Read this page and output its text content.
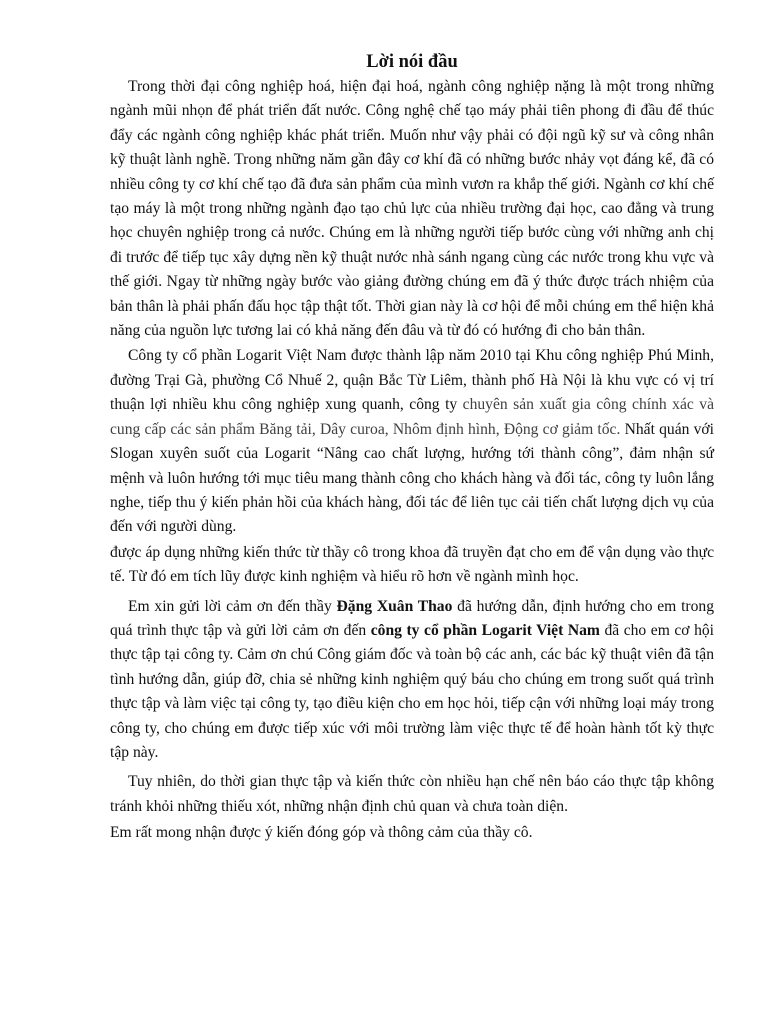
Lời nói đầu

Trong thời đại công nghiệp hoá, hiện đại hoá, ngành công nghiệp nặng là một trong những ngành mũi nhọn để phát triển đất nước. Công nghệ chế tạo máy phải tiên phong đi đầu để thúc đẩy các ngành công nghiệp khác phát triển. Muốn như vậy phải có đội ngũ kỹ sư và công nhân kỹ thuật lành nghề. Trong những năm gần đây cơ khí đã có những bước nhảy vọt đáng kể, đã có nhiều công ty cơ khí chế tạo đã đưa sản phẩm của mình vươn ra khắp thế giới. Ngành cơ khí chế tạo máy là một trong những ngành đạo tạo chủ lực của nhiều trường đại học, cao đẳng và trung học chuyên nghiệp trong cả nước. Chúng em là những người tiếp bước cùng với những anh chị đi trước để tiếp tục xây dựng nền kỹ thuật nước nhà sánh ngang cùng các nước trong khu vực và thế giới. Ngay từ những ngày bước vào giảng đường chúng em đã ý thức được trách nhiệm của bản thân là phải phấn đấu học tập thật tốt. Thời gian này là cơ hội để mỗi chúng em thể hiện khả năng của nguồn lực tương lai có khả năng đến đâu và từ đó có hướng đi cho bản thân.

Công ty cổ phần Logarit Việt Nam được thành lập năm 2010 tại Khu công nghiệp Phú Minh, đường Trại Gà, phường Cổ Nhuế 2, quận Bắc Từ Liêm, thành phố Hà Nội là khu vực có vị trí thuận lợi nhiều khu công nghiệp xung quanh, công ty chuyên sản xuất gia công chính xác và cung cấp các sản phẩm Băng tải, Dây curoa, Nhôm định hình, Động cơ giảm tốc. Nhất quán với Slogan xuyên suốt của Logarit “Nâng cao chất lượng, hướng tới thành công”, đảm nhận sứ mệnh và luôn hướng tới mục tiêu mang thành công cho khách hàng và đối tác, công ty luôn lắng nghe, tiếp thu ý kiến phản hồi của khách hàng, đối tác để liên tục cải tiến chất lượng dịch vụ của đến với người dùng.

được áp dụng những kiến thức từ thầy cô trong khoa đã truyền đạt cho em để vận dụng vào thực tế. Từ đó em tích lũy được kinh nghiệm và hiểu rõ hơn về ngành mình học.

Em xin gửi lời cảm ơn đến thầy Đặng Xuân Thao đã hướng dẫn, định hướng cho em trong quá trình thực tập và gửi lời cảm ơn đến công ty cổ phần Logarit Việt Nam đã cho em cơ hội thực tập tại công ty. Cảm ơn chú Công giám đốc và toàn bộ các anh, các bác kỹ thuật viên đã tận tình hướng dẫn, giúp đỡ, chia sẻ những kinh nghiệm quý báu cho chúng em trong suốt quá trình thực tập và làm việc tại công ty, tạo điều kiện cho em học hỏi, tiếp cận với những loại máy trong công ty, cho chúng em được tiếp xúc với môi trường làm việc thực tế để hoàn hành tốt kỳ thực tập này.

Tuy nhiên, do thời gian thực tập và kiến thức còn nhiều hạn chế nên báo cáo thực tập không tránh khỏi những thiếu xót, những nhận định chủ quan và chưa toàn diện.

Em rất mong nhận được ý kiến đóng góp và thông cảm của thầy cô.
